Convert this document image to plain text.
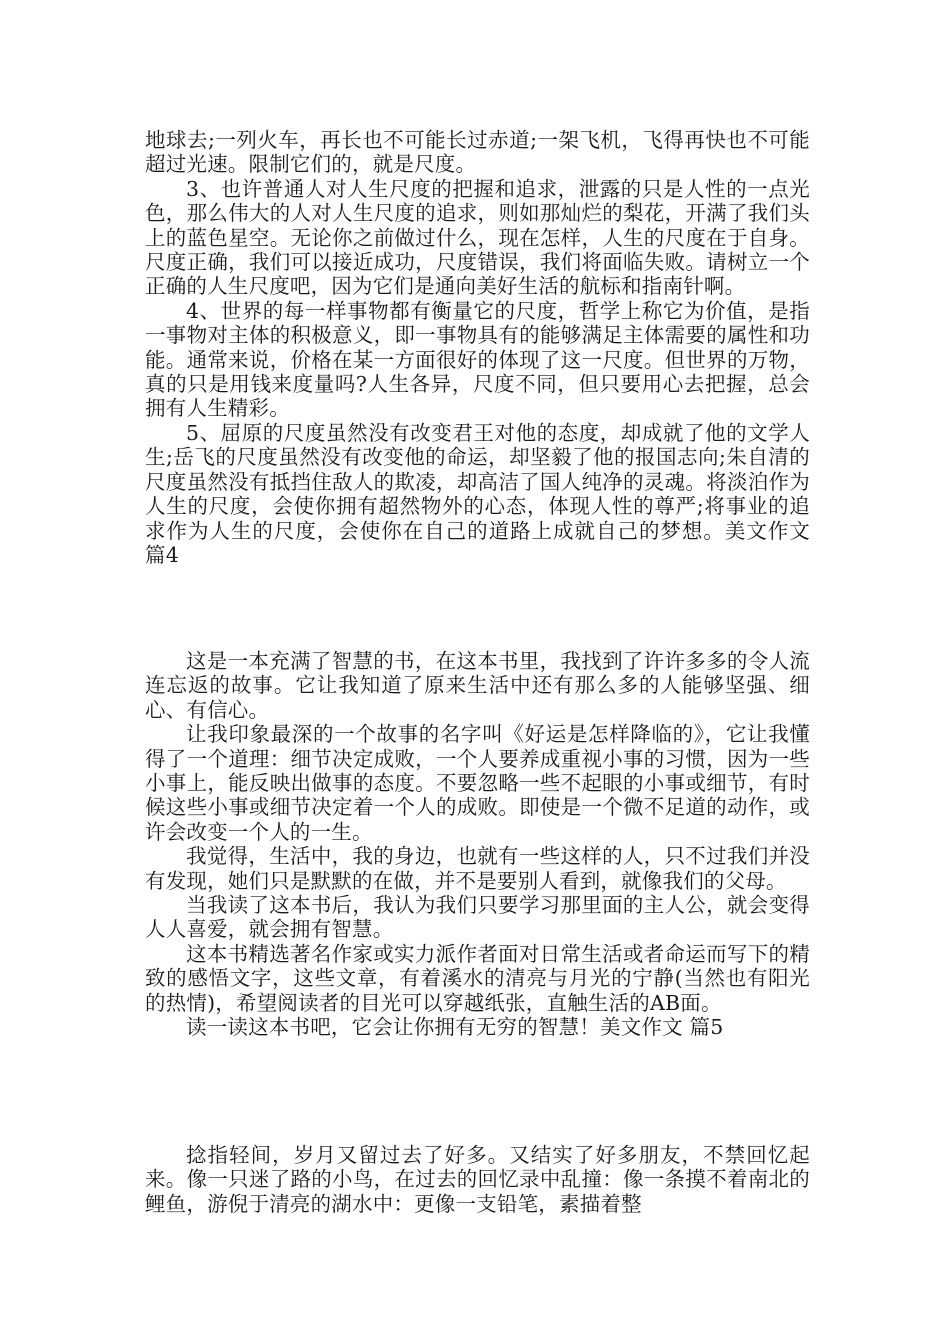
地球去;一列火车，再长也不可能长过赤道;一架飞机，飞得再快也不可能超过光速。限制它们的，就是尺度。

3、也许普通人对人生尺度的把握和追求，泄露的只是人性的一点光色，那么伟大的人对人生尺度的追求，则如那灿烂的梨花，开满了我们头上的蓝色星空。无论你之前做过什么，现在怎样，人生的尺度在于自身。尺度正确，我们可以接近成功，尺度错误，我们将面临失败。请树立一个正确的人生尺度吧，因为它们是通向美好生活的航标和指南针啊。

4、世界的每一样事物都有衡量它的尺度，哲学上称它为价值，是指一事物对主体的积极意义，即一事物具有的能够满足主体需要的属性和功能。通常来说，价格在某一方面很好的体现了这一尺度。但世界的万物，真的只是用钱来度量吗?人生各异，尺度不同，但只要用心去把握，总会拥有人生精彩。

5、屈原的尺度虽然没有改变君王对他的态度，却成就了他的文学人生;岳飞的尺度虽然没有改变他的命运，却坚毅了他的报国志向;朱自清的尺度虽然没有抵挡住敌人的欺凌，却高洁了国人纯净的灵魂。将淡泊作为人生的尺度，会使你拥有超然物外的心态，体现人性的尊严;将事业的追求作为人生的尺度，会使你在自己的道路上成就自己的梦想。美文作文 篇4

这是一本充满了智慧的书，在这本书里，我找到了许许多多的令人流连忘返的故事。它让我知道了原来生活中还有那么多的人能够坚强、细心、有信心。

让我印象最深的一个故事的名字叫《好运是怎样降临的》，它让我懂得了一个道理：细节决定成败，一个人要养成重视小事的习惯，因为一些小事上，能反映出做事的态度。不要忽略一些不起眼的小事或细节，有时候这些小事或细节决定着一个人的成败。即使是一个微不足道的动作，或许会改变一个人的一生。

我觉得，生活中，我的身边，也就有一些这样的人，只不过我们并没有发现，她们只是默默的在做，并不是要别人看到，就像我们的父母。

当我读了这本书后，我认为我们只要学习那里面的主人公，就会变得人人喜爱，就会拥有智慧。

这本书精选著名作家或实力派作者面对日常生活或者命运而写下的精致的感悟文字，这些文章，有着溪水的清亮与月光的宁静(当然也有阳光的热情)，希望阅读者的目光可以穿越纸张，直触生活的AB面。

读一读这本书吧，它会让你拥有无穷的智慧！美文作文 篇5

捻指轻间，岁月又留过去了好多。又结实了好多朋友，不禁回忆起来。像一只迷了路的小鸟，在过去的回忆录中乱撞：像一条摸不着南北的鲤鱼，游倪于清亮的湖水中：更像一支铅笔，素描着整
